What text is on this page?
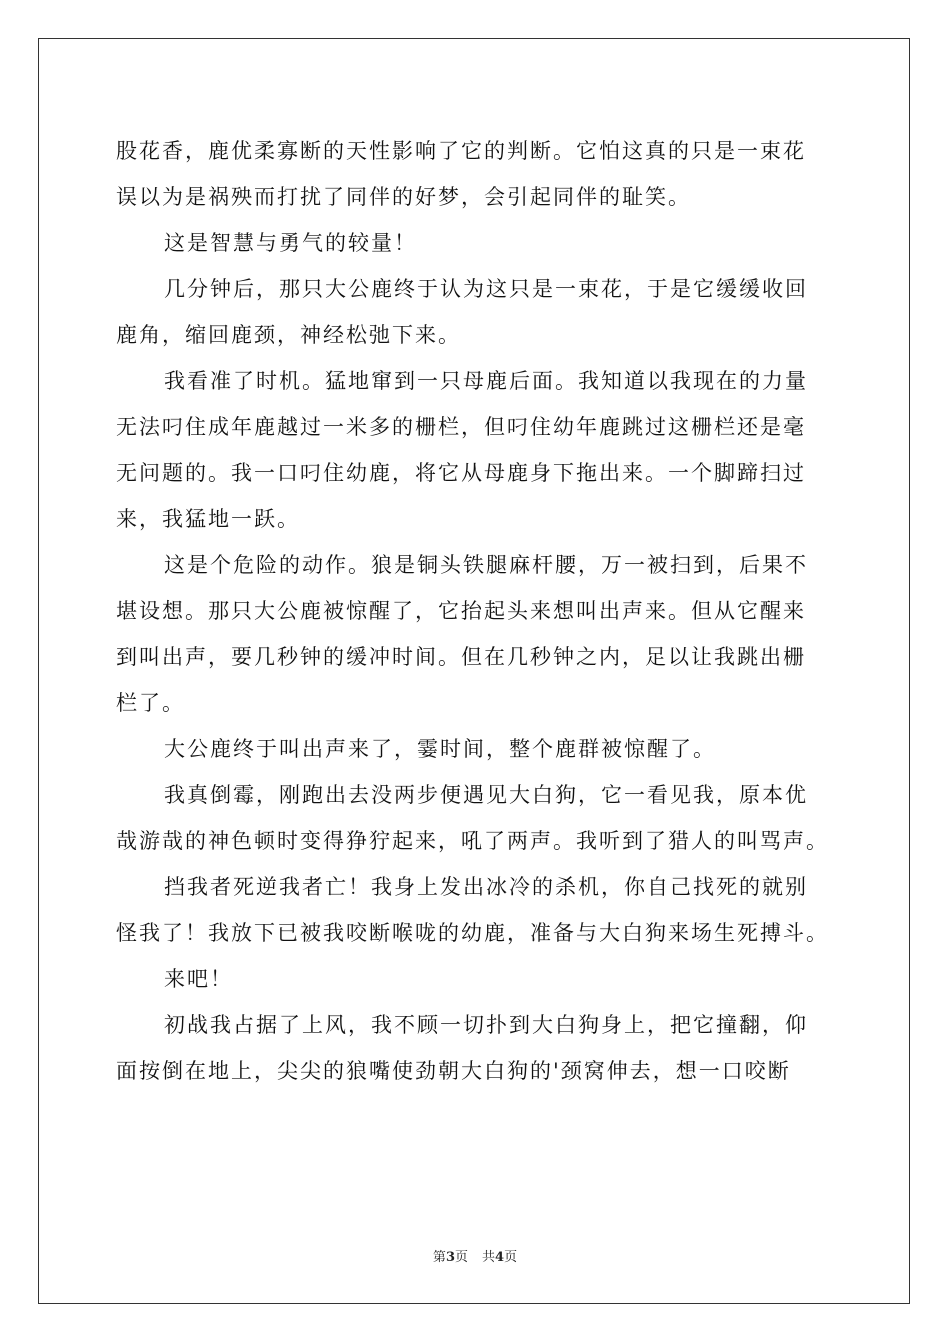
股花香，鹿优柔寡断的天性影响了它的判断。它怕这真的只是一束花
误以为是祸殃而打扰了同伴的好梦，会引起同伴的耻笑。
这是智慧与勇气的较量！
几分钟后，那只大公鹿终于认为这只是一束花，于是它缓缓收回
鹿角，缩回鹿颈，神经松弛下来。
我看准了时机。猛地窜到一只母鹿后面。我知道以我现在的力量
无法叼住成年鹿越过一米多的栅栏，但叼住幼年鹿跳过这栅栏还是毫
无问题的。我一口叼住幼鹿，将它从母鹿身下拖出来。一个脚蹄扫过
来，我猛地一跃。
这是个危险的动作。狼是铜头铁腿麻杆腰，万一被扫到，后果不
堪设想。那只大公鹿被惊醒了，它抬起头来想叫出声来。但从它醒来
到叫出声，要几秒钟的缓冲时间。但在几秒钟之内，足以让我跳出栅
栏了。
大公鹿终于叫出声来了，霎时间，整个鹿群被惊醒了。
我真倒霉，刚跑出去没两步便遇见大白狗，它一看见我，原本优
哉游哉的神色顿时变得狰狞起来，吼了两声。我听到了猎人的叫骂声。
挡我者死逆我者亡！我身上发出冰冷的杀机，你自己找死的就别
怪我了！我放下已被我咬断喉咙的幼鹿，准备与大白狗来场生死搏斗。
来吧！
初战我占据了上风，我不顾一切扑到大白狗身上，把它撞翻，仰
面按倒在地上，尖尖的狼嘴使劲朝大白狗的'颈窝伸去，想一口咬断
第3页 共4页
